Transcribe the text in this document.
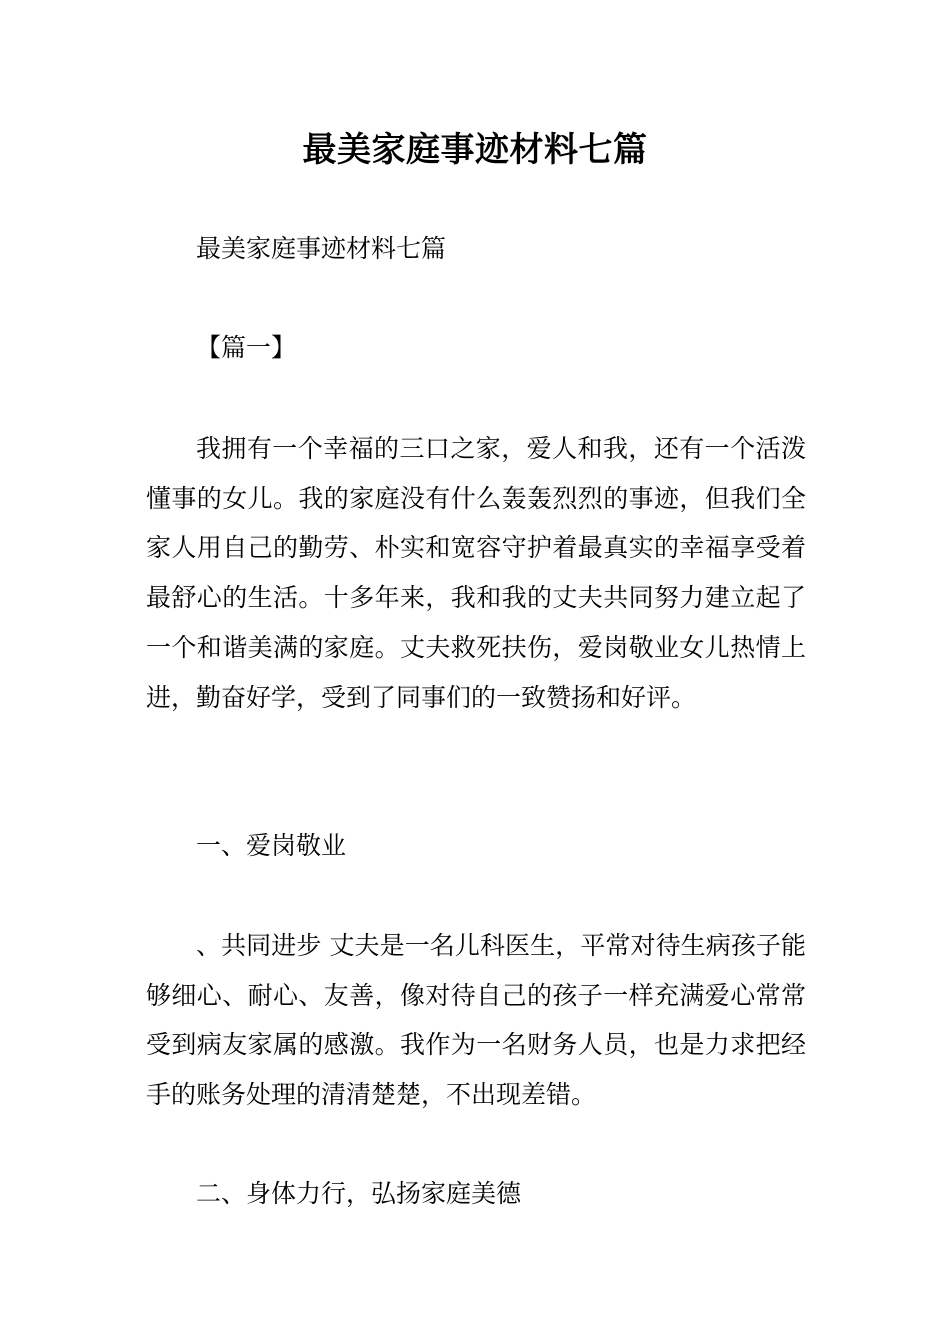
最美家庭事迹材料七篇
最美家庭事迹材料七篇
【篇一】

我拥有一个幸福的三口之家，爱人和我，还有一个活泼懂事的女儿。我的家庭没有什么轰轰烈烈的事迹，但我们全家人用自己的勤劳、朴实和宽容守护着最真实的幸福享受着最舒心的生活。十多年来，我和我的丈夫共同努力建立起了一个和谐美满的家庭。丈夫救死扶伤，爱岗敬业女儿热情上进，勤奋好学，受到了同事们的一致赞扬和好评。

一、爱岗敬业

、共同进步 丈夫是一名儿科医生，平常对待生病孩子能够细心、耐心、友善，像对待自己的孩子一样充满爱心常常受到病友家属的感激。我作为一名财务人员，也是力求把经手的账务处理的清清楚楚，不出现差错。

二、身体力行，弘扬家庭美德
